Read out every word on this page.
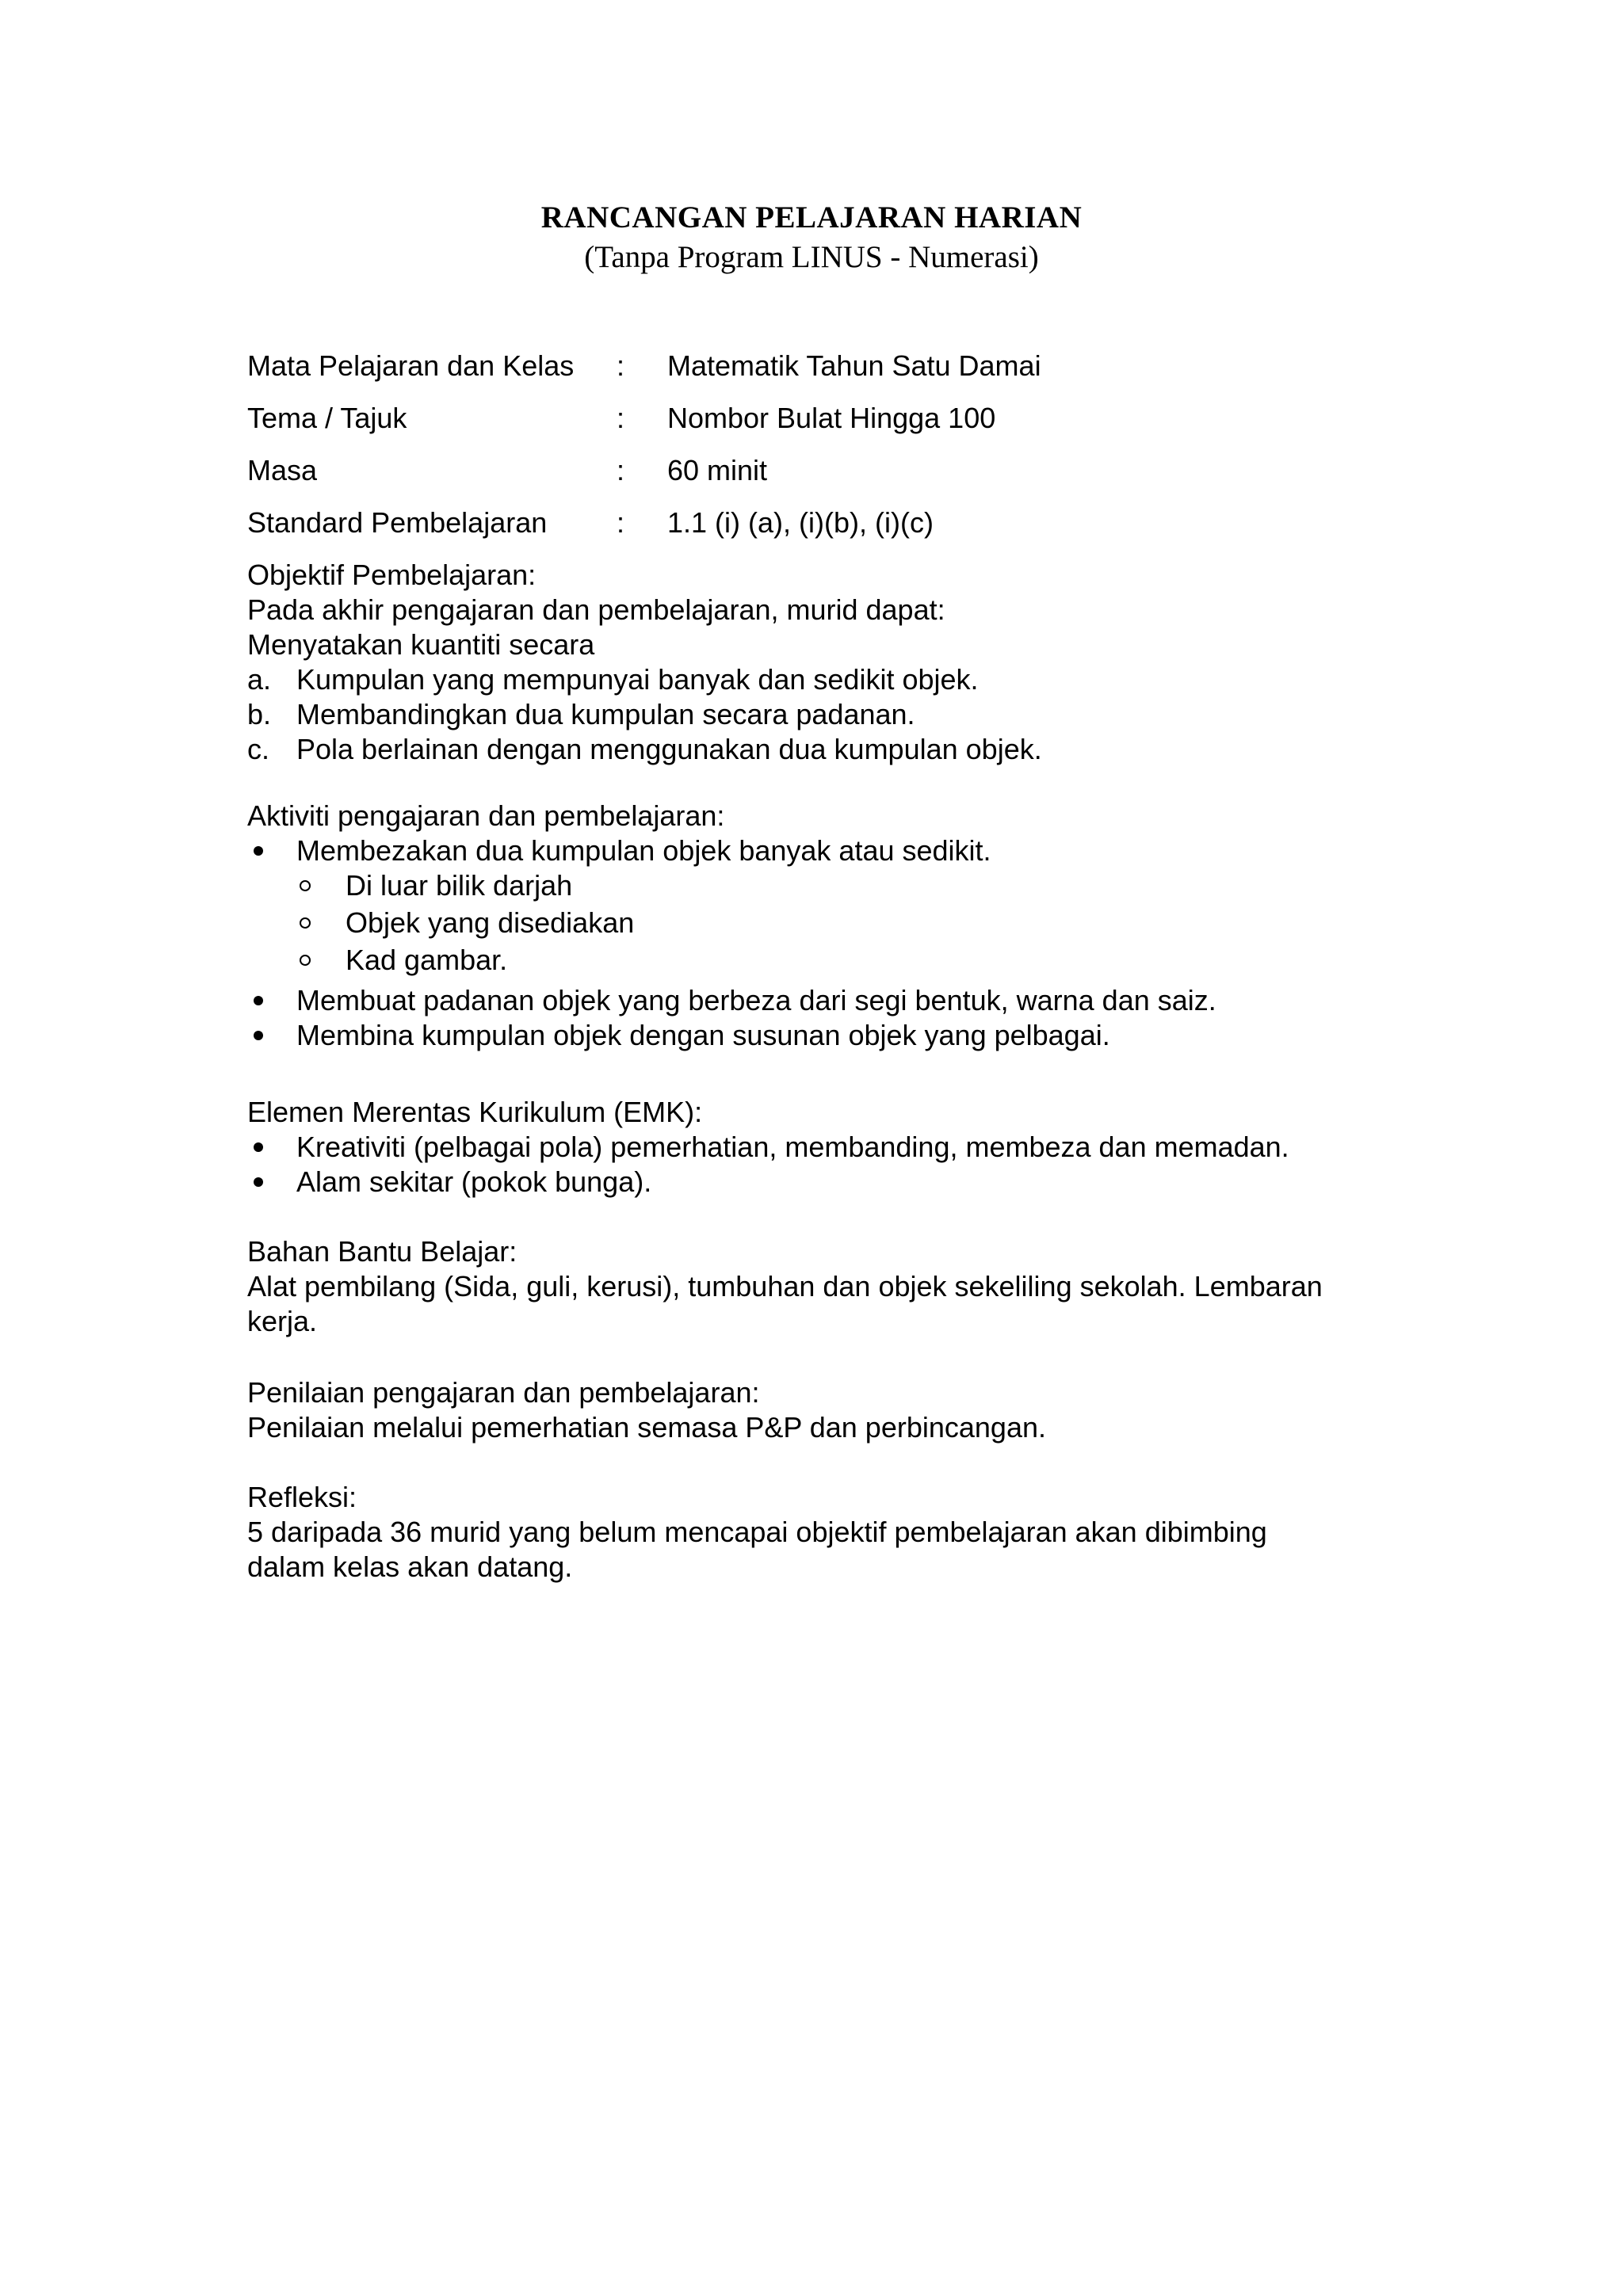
RANCANGAN PELAJARAN HARIAN

(Tanpa Program LINUS - Numerasi)

Mata Pelajaran dan Kelas : Matematik Tahun Satu Damai
Tema / Tajuk	: Nombor Bulat Hingga 100
Masa	: 60 minit
Standard Pembelajaran : 1.1 (i) (a), (i)(b), (i)(c)
Objektif Pembelajaran:
Pada akhir pengajaran dan pembelajaran, murid dapat:
Menyatakan kuantiti secara
a. Kumpulan yang mempunyai banyak dan sedikit objek.
b. Membandingkan dua kumpulan secara padanan.
c. Pola berlainan dengan menggunakan dua kumpulan objek.
Aktiviti pengajaran dan pembelajaran:
Membezakan dua kumpulan objek banyak atau sedikit.
Di luar bilik darjah
Objek yang disediakan
Kad gambar.
Membuat padanan objek yang berbeza dari segi bentuk, warna dan saiz.
Membina kumpulan objek dengan susunan objek yang pelbagai.
Elemen Merentas Kurikulum (EMK):
Kreativiti (pelbagai pola) pemerhatian, membanding, membeza dan memadan.
Alam sekitar (pokok bunga).
Bahan Bantu Belajar:
Alat pembilang (Sida, guli, kerusi), tumbuhan dan objek sekeliling sekolah. Lembaran
kerja.
Penilaian pengajaran dan pembelajaran:
Penilaian melalui pemerhatian semasa P&P dan perbincangan.
Refleksi:
5 daripada 36 murid yang belum mencapai objektif pembelajaran akan dibimbing
dalam kelas akan datang.
